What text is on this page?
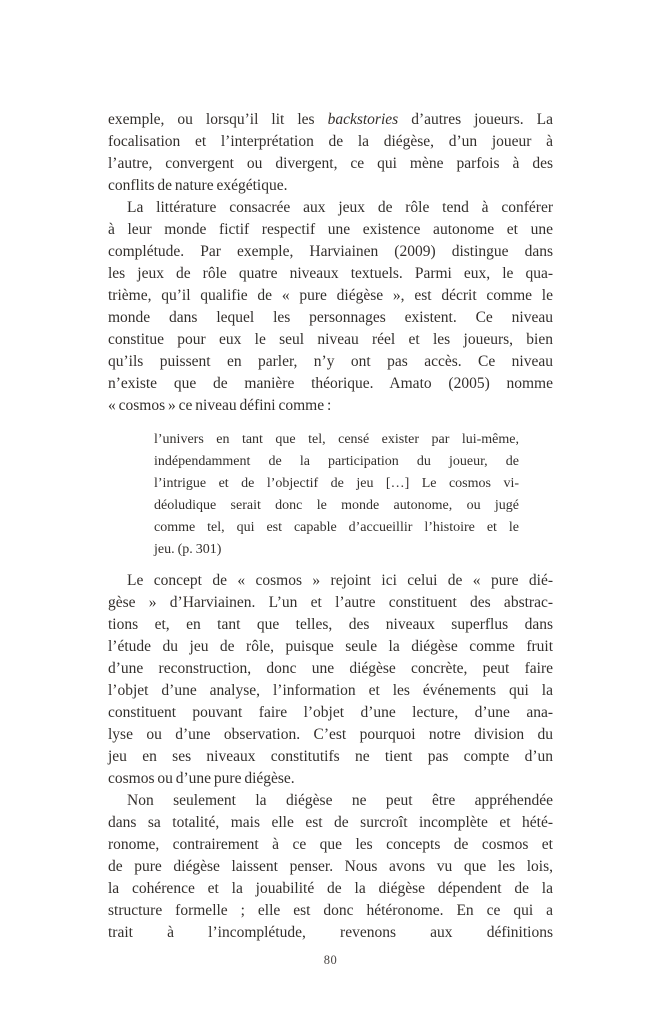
exemple, ou lorsqu’il lit les backstories d’autres joueurs. La
focalisation et l’interprétation de la diégèse, d’un joueur à
l’autre, convergent ou divergent, ce qui mène parfois à des
conflits de nature exégétique.
La littérature consacrée aux jeux de rôle tend à conférer
à leur monde fictif respectif une existence autonome et une
complétude. Par exemple, Harviainen (2009) distingue dans
les jeux de rôle quatre niveaux textuels. Parmi eux, le qua-
trième, qu’il qualifie de « pure diégèse », est décrit comme le
monde dans lequel les personnages existent. Ce niveau
constitue pour eux le seul niveau réel et les joueurs, bien
qu’ils puissent en parler, n’y ont pas accès. Ce niveau
n’existe que de manière théorique. Amato (2005) nomme
« cosmos » ce niveau défini comme :
l’univers en tant que tel, censé exister par lui-même,
indépendamment de la participation du joueur, de
l’intrigue et de l’objectif de jeu […] Le cosmos vi-
déoludique serait donc le monde autonome, ou jugé
comme tel, qui est capable d’accueillir l’histoire et le
jeu. (p. 301)
Le concept de « cosmos » rejoint ici celui de « pure dié-
gèse » d’Harviainen. L’un et l’autre constituent des abstrac-
tions et, en tant que telles, des niveaux superflus dans
l’étude du jeu de rôle, puisque seule la diégèse comme fruit
d’une reconstruction, donc une diégèse concrète, peut faire
l’objet d’une analyse, l’information et les événements qui la
constituent pouvant faire l’objet d’une lecture, d’une ana-
lyse ou d’une observation. C’est pourquoi notre division du
jeu en ses niveaux constitutifs ne tient pas compte d’un
cosmos ou d’une pure diégèse.
Non seulement la diégèse ne peut être appréhendée
dans sa totalité, mais elle est de surcroît incomplète et hété-
ronome, contrairement à ce que les concepts de cosmos et
de pure diégèse laissent penser. Nous avons vu que les lois,
la cohérence et la jouabilité de la diégèse dépendent de la
structure formelle ; elle est donc hétéronome. En ce qui a
trait à l’incomplétude, revenons aux définitions
80
